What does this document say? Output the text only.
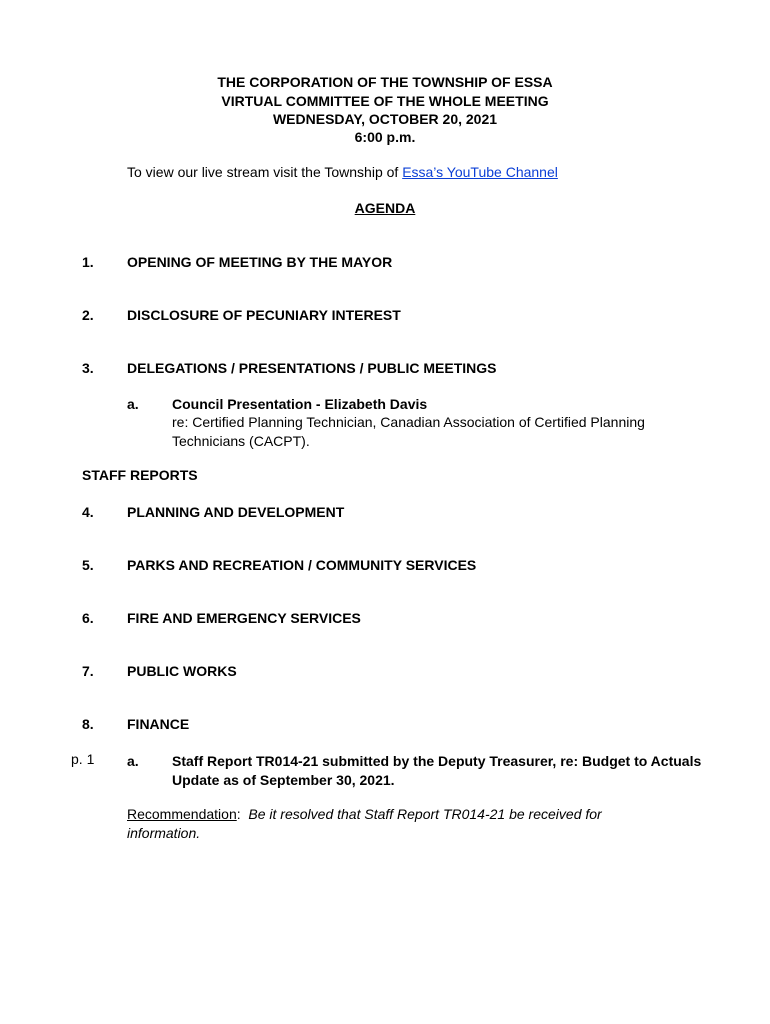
THE CORPORATION OF THE TOWNSHIP OF ESSA
VIRTUAL COMMITTEE OF THE WHOLE MEETING
WEDNESDAY, OCTOBER 20, 2021
6:00 p.m.
To view our live stream visit the Township of Essa’s YouTube Channel
AGENDA
1. OPENING OF MEETING BY THE MAYOR
2. DISCLOSURE OF PECUNIARY INTEREST
3. DELEGATIONS / PRESENTATIONS / PUBLIC MEETINGS
a. Council Presentation - Elizabeth Davis
re: Certified Planning Technician, Canadian Association of Certified Planning Technicians (CACPT).
STAFF REPORTS
4. PLANNING AND DEVELOPMENT
5. PARKS AND RECREATION / COMMUNITY SERVICES
6. FIRE AND EMERGENCY SERVICES
7. PUBLIC WORKS
8. FINANCE
p. 1 a. Staff Report TR014-21 submitted by the Deputy Treasurer, re: Budget to Actuals Update as of September 30, 2021.
Recommendation:  Be it resolved that Staff Report TR014-21 be received for information.
